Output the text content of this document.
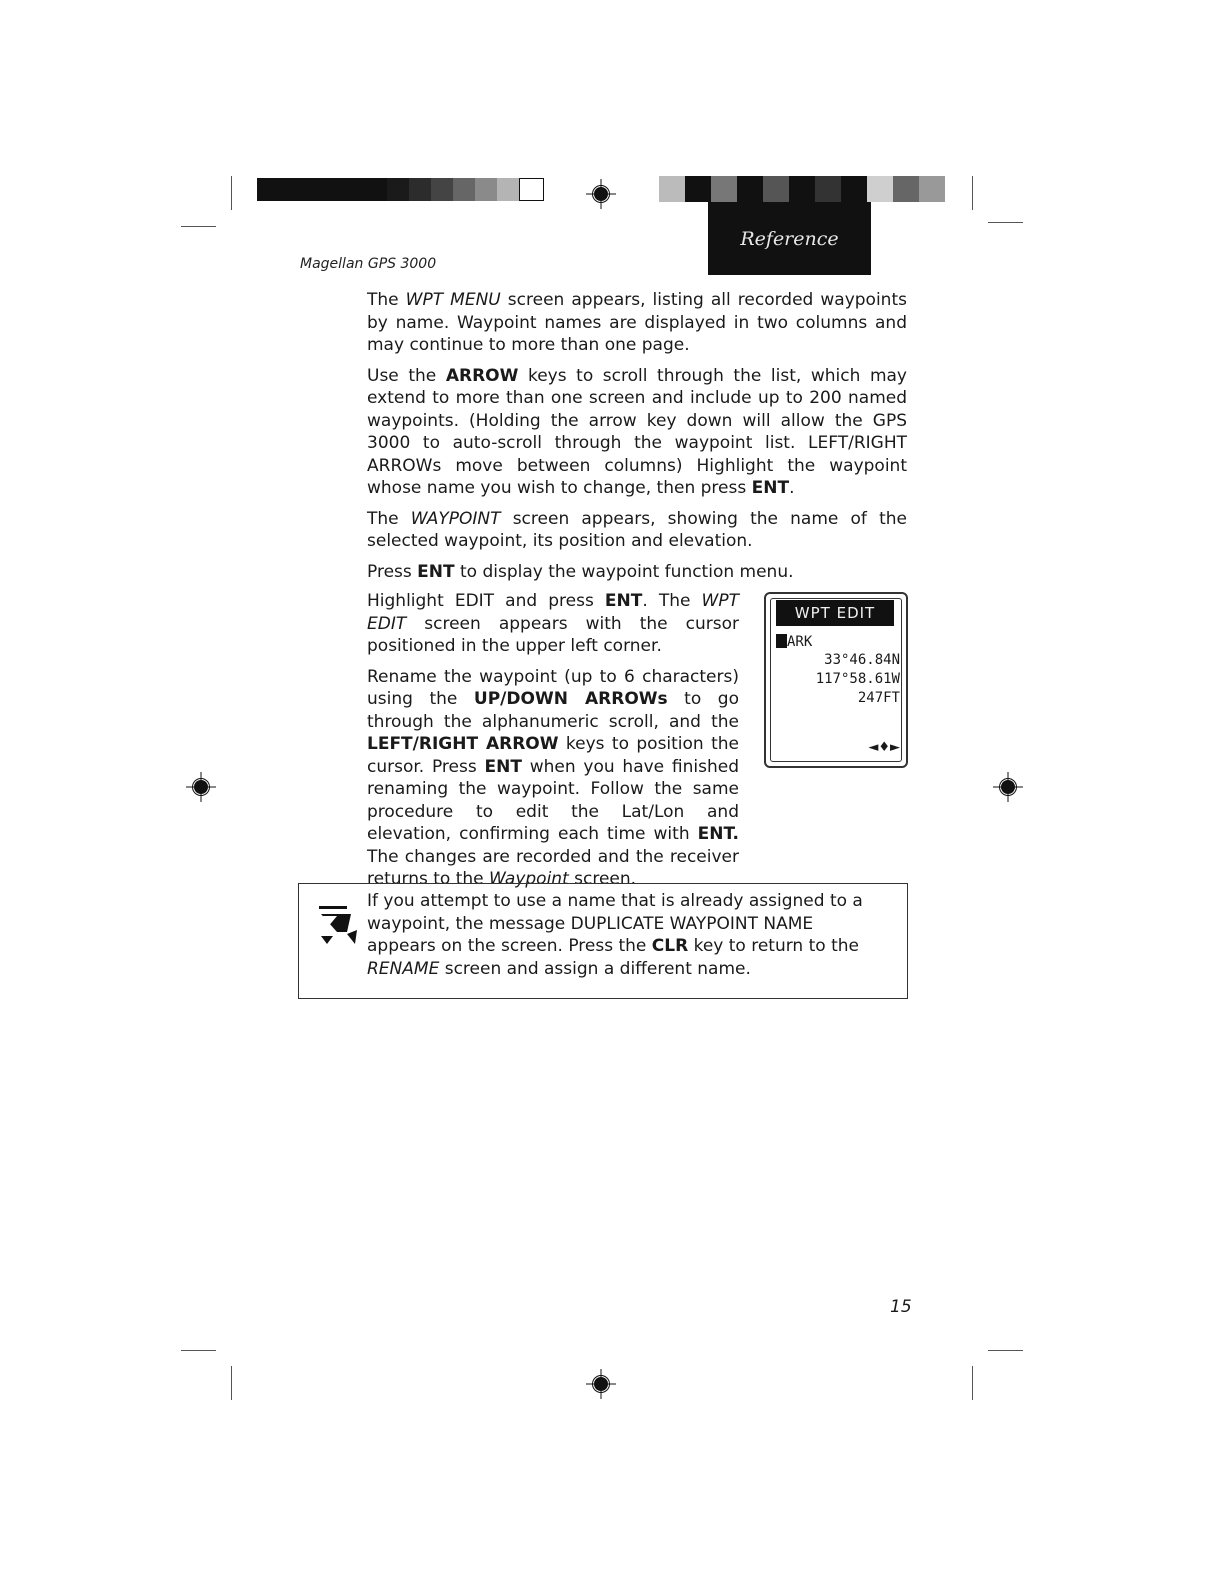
Magellan GPS 3000
Reference

The WPT MENU screen appears, listing all recorded waypoints by name. Waypoint names are displayed in two columns and may continue to more than one page.

Use the ARROW keys to scroll through the list, which may extend to more than one screen and include up to 200 named waypoints. (Holding the arrow key down will allow the GPS 3000 to auto-scroll through the waypoint list. LEFT/RIGHT ARROWs move between columns) Highlight the waypoint whose name you wish to change, then press ENT.

The WAYPOINT screen appears, showing the name of the selected waypoint, its position and elevation.

Press ENT to display the waypoint function menu.

Highlight EDIT and press ENT. The WPT EDIT screen appears with the cursor positioned in the upper left corner.

Rename the waypoint (up to 6 characters) using the UP/DOWN ARROWs to go through the alphanumeric scroll, and the LEFT/RIGHT ARROW keys to position the cursor. Press ENT when you have finished renaming the waypoint. Follow the same procedure to edit the Lat/Lon and elevation, confirming each time with ENT. The changes are recorded and the receiver returns to the Waypoint screen.

WPT EDIT
ARK
33°46.84N
117°58.61W
247FT
◄♦►
If you attempt to use a name that is already assigned to a waypoint, the message DUPLICATE WAYPOINT NAME appears on the screen. Press the CLR key to return to the RENAME screen and assign a different name.
15
